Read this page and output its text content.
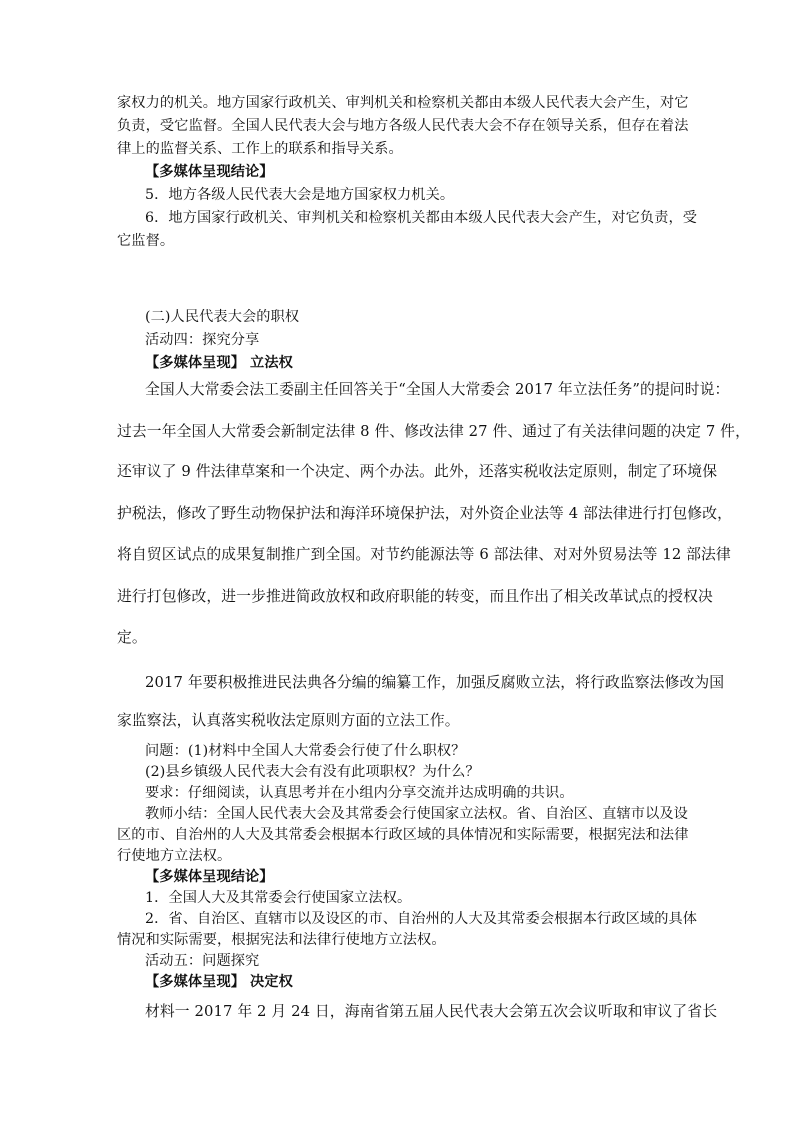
家权力的机关。地方国家行政机关、审判机关和检察机关都由本级人民代表大会产生，对它
负责，受它监督。全国人民代表大会与地方各级人民代表大会不存在领导关系，但存在着法
律上的监督关系、工作上的联系和指导关系。
【多媒体呈现结论】
5．地方各级人民代表大会是地方国家权力机关。
6．地方国家行政机关、审判机关和检察机关都由本级人民代表大会产生，对它负责，受
它监督。
(二)人民代表大会的职权
活动四：探究分享
【多媒体呈现】 立法权
全国人大常委会法工委副主任回答关于“全国人大常委会 2017 年立法任务”的提问时说：
过去一年全国人大常委会新制定法律 8 件、修改法律 27 件、通过了有关法律问题的决定 7 件，
还审议了 9 件法律草案和一个决定、两个办法。此外，还落实税收法定原则，制定了环境保
护税法，修改了野生动物保护法和海洋环境保护法，对外资企业法等 4 部法律进行打包修改，
将自贸区试点的成果复制推广到全国。对节约能源法等 6 部法律、对对外贸易法等 12 部法律
进行打包修改，进一步推进简政放权和政府职能的转变，而且作出了相关改革试点的授权决
定。
2017 年要积极推进民法典各分编的编纂工作，加强反腐败立法，将行政监察法修改为国
家监察法，认真落实税收法定原则方面的立法工作。
问题：(1)材料中全国人大常委会行使了什么职权？
(2)县乡镇级人民代表大会有没有此项职权？为什么？
要求：仔细阅读，认真思考并在小组内分享交流并达成明确的共识。
教师小结：全国人民代表大会及其常委会行使国家立法权。省、自治区、直辖市以及设
区的市、自治州的人大及其常委会根据本行政区域的具体情况和实际需要，根据宪法和法律
行使地方立法权。
【多媒体呈现结论】
1．全国人大及其常委会行使国家立法权。
2．省、自治区、直辖市以及设区的市、自治州的人大及其常委会根据本行政区域的具体
情况和实际需要，根据宪法和法律行使地方立法权。
活动五：问题探究
【多媒体呈现】 决定权
材料一 2017 年 2 月 24 日，海南省第五届人民代表大会第五次会议听取和审议了省长
